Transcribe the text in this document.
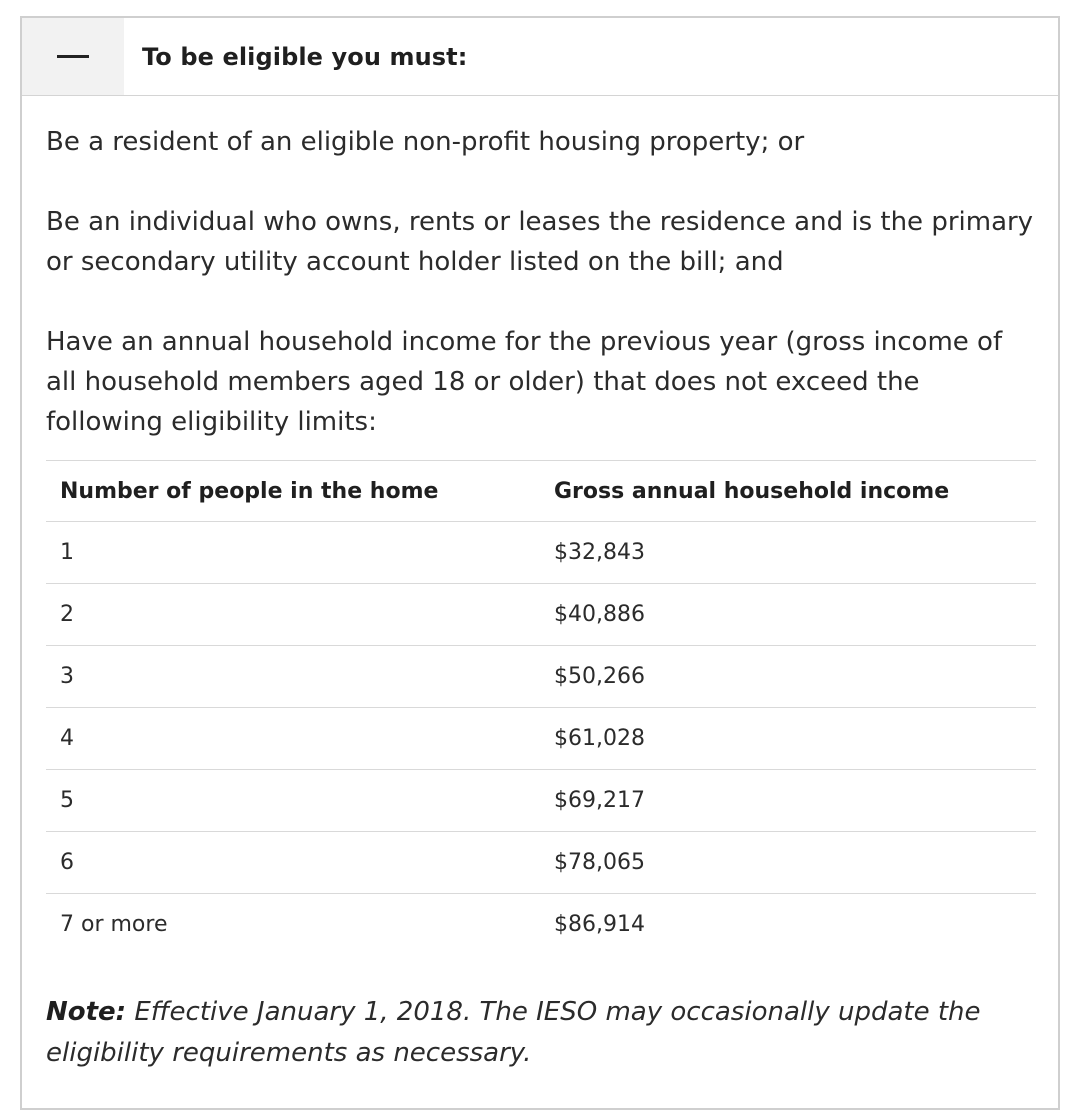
To be eligible you must:

Be a resident of an eligible non-profit housing property; or

Be an individual who owns, rents or leases the residence and is the primary or secondary utility account holder listed on the bill; and

Have an annual household income for the previous year (gross income of all household members aged 18 or older) that does not exceed the following eligibility limits:

Number of people in the home	Gross annual household income
1	$32,843
2	$40,886
3	$50,266
4	$61,028
5	$69,217
6	$78,065
7 or more	$86,914

Note: Effective January 1, 2018. The IESO may occasionally update the eligibility requirements as necessary.
